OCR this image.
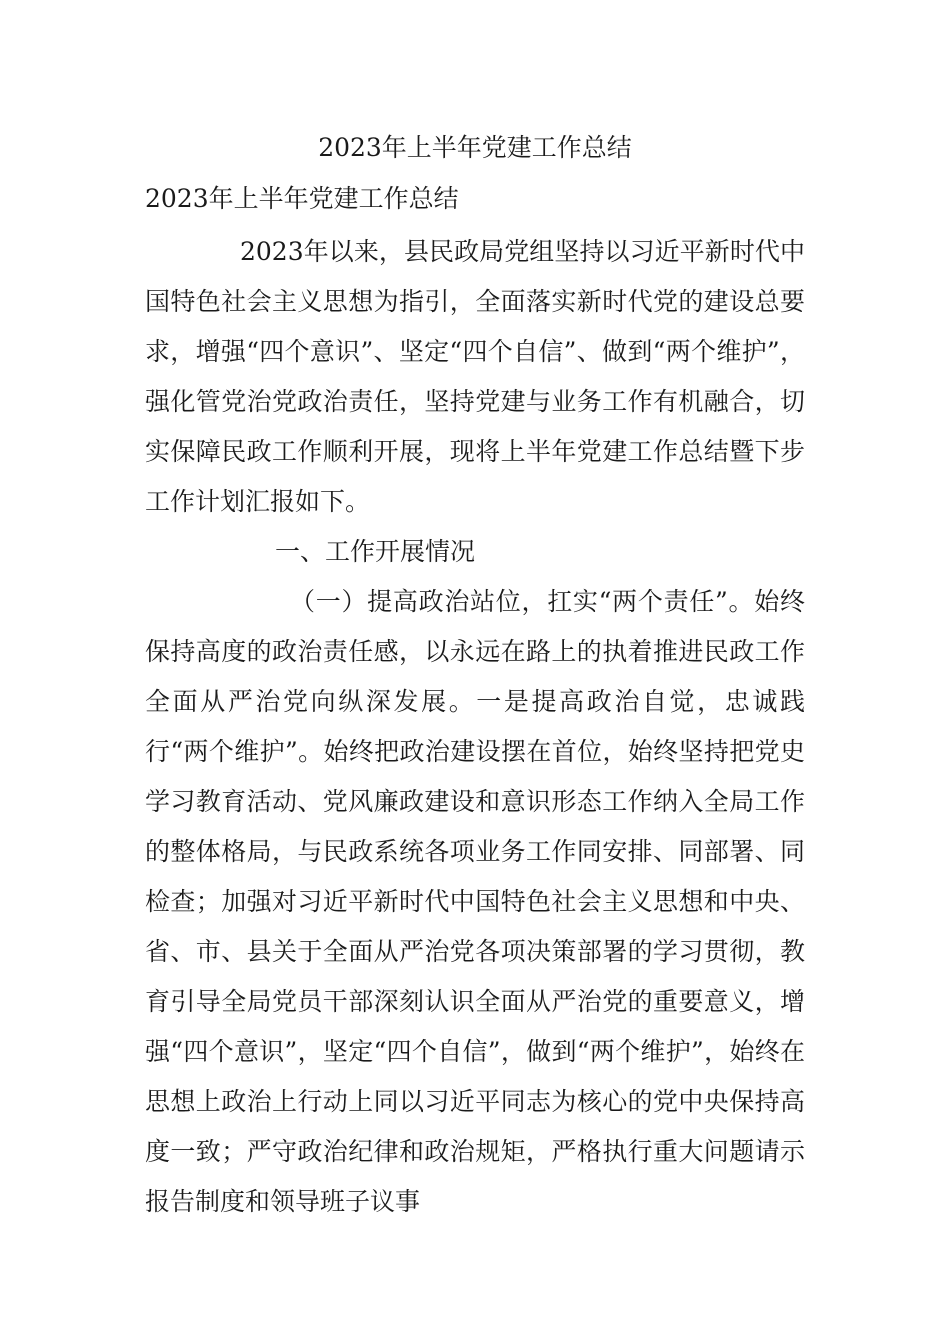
2023年上半年党建工作总结
2023年上半年党建工作总结

2023年以来，县民政局党组坚持以习近平新时代中国特色社会主义思想为指引，全面落实新时代党的建设总要求，增强“四个意识”、坚定“四个自信”、做到“两个维护”，强化管党治党政治责任，坚持党建与业务工作有机融合，切实保障民政工作顺利开展，现将上半年党建工作总结暨下步工作计划汇报如下。

一、工作开展情况

（一）提高政治站位，扛实“两个责任”。始终保持高度的政治责任感，以永远在路上的执着推进民政工作全面从严治党向纵深发展。一是提高政治自觉，忠诚践行“两个维护”。始终把政治建设摆在首位，始终坚持把党史学习教育活动、党风廉政建设和意识形态工作纳入全局工作的整体格局，与民政系统各项业务工作同安排、同部署、同检查；加强对习近平新时代中国特色社会主义思想和中央、省、市、县关于全面从严治党各项决策部署的学习贯彻，教育引导全局党员干部深刻认识全面从严治党的重要意义，增强“四个意识”，坚定“四个自信”，做到“两个维护”，始终在思想上政治上行动上同以习近平同志为核心的党中央保持高度一致；严守政治纪律和政治规矩，严格执行重大问题请示报告制度和领导班子议事
